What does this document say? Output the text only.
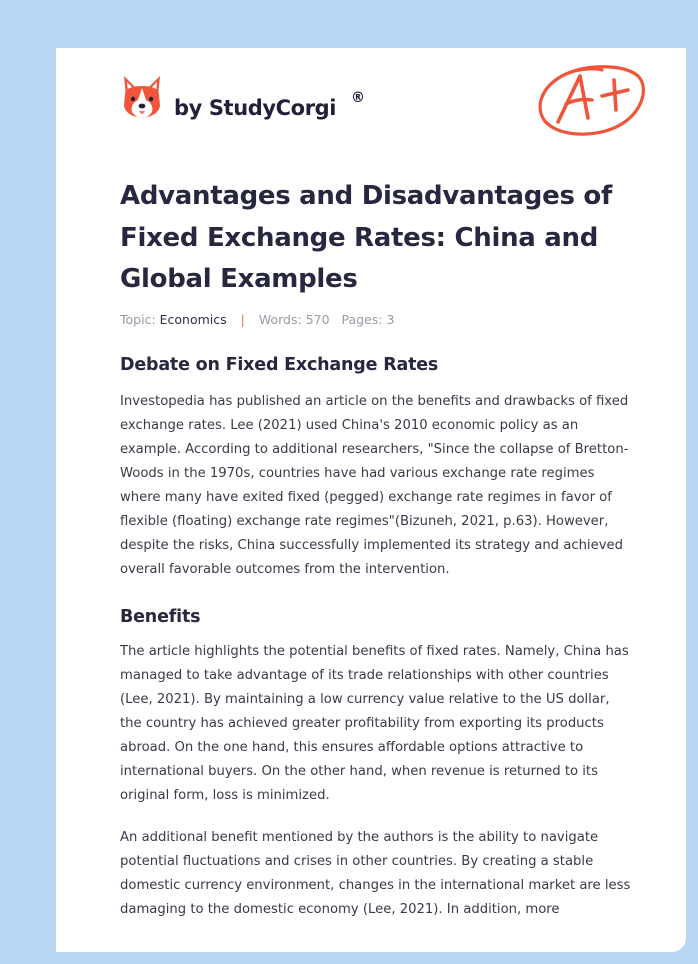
by StudyCorgi ®
Advantages and Disadvantages of Fixed Exchange Rates: China and Global Examples
Topic: Economics | Words: 570 Pages: 3
Debate on Fixed Exchange Rates

Investopedia has published an article on the benefits and drawbacks of fixed exchange rates. Lee (2021) used China's 2010 economic policy as an example. According to additional researchers, "Since the collapse of Bretton-Woods in the 1970s, countries have had various exchange rate regimes where many have exited fixed (pegged) exchange rate regimes in favor of flexible (floating) exchange rate regimes"(Bizuneh, 2021, p.63). However, despite the risks, China successfully implemented its strategy and achieved overall favorable outcomes from the intervention.

Benefits

The article highlights the potential benefits of fixed rates. Namely, China has managed to take advantage of its trade relationships with other countries (Lee, 2021). By maintaining a low currency value relative to the US dollar, the country has achieved greater profitability from exporting its products abroad. On the one hand, this ensures affordable options attractive to international buyers. On the other hand, when revenue is returned to its original form, loss is minimized.

An additional benefit mentioned by the authors is the ability to navigate potential fluctuations and crises in other countries. By creating a stable domestic currency environment, changes in the international market are less damaging to the domestic economy (Lee, 2021). In addition, more
